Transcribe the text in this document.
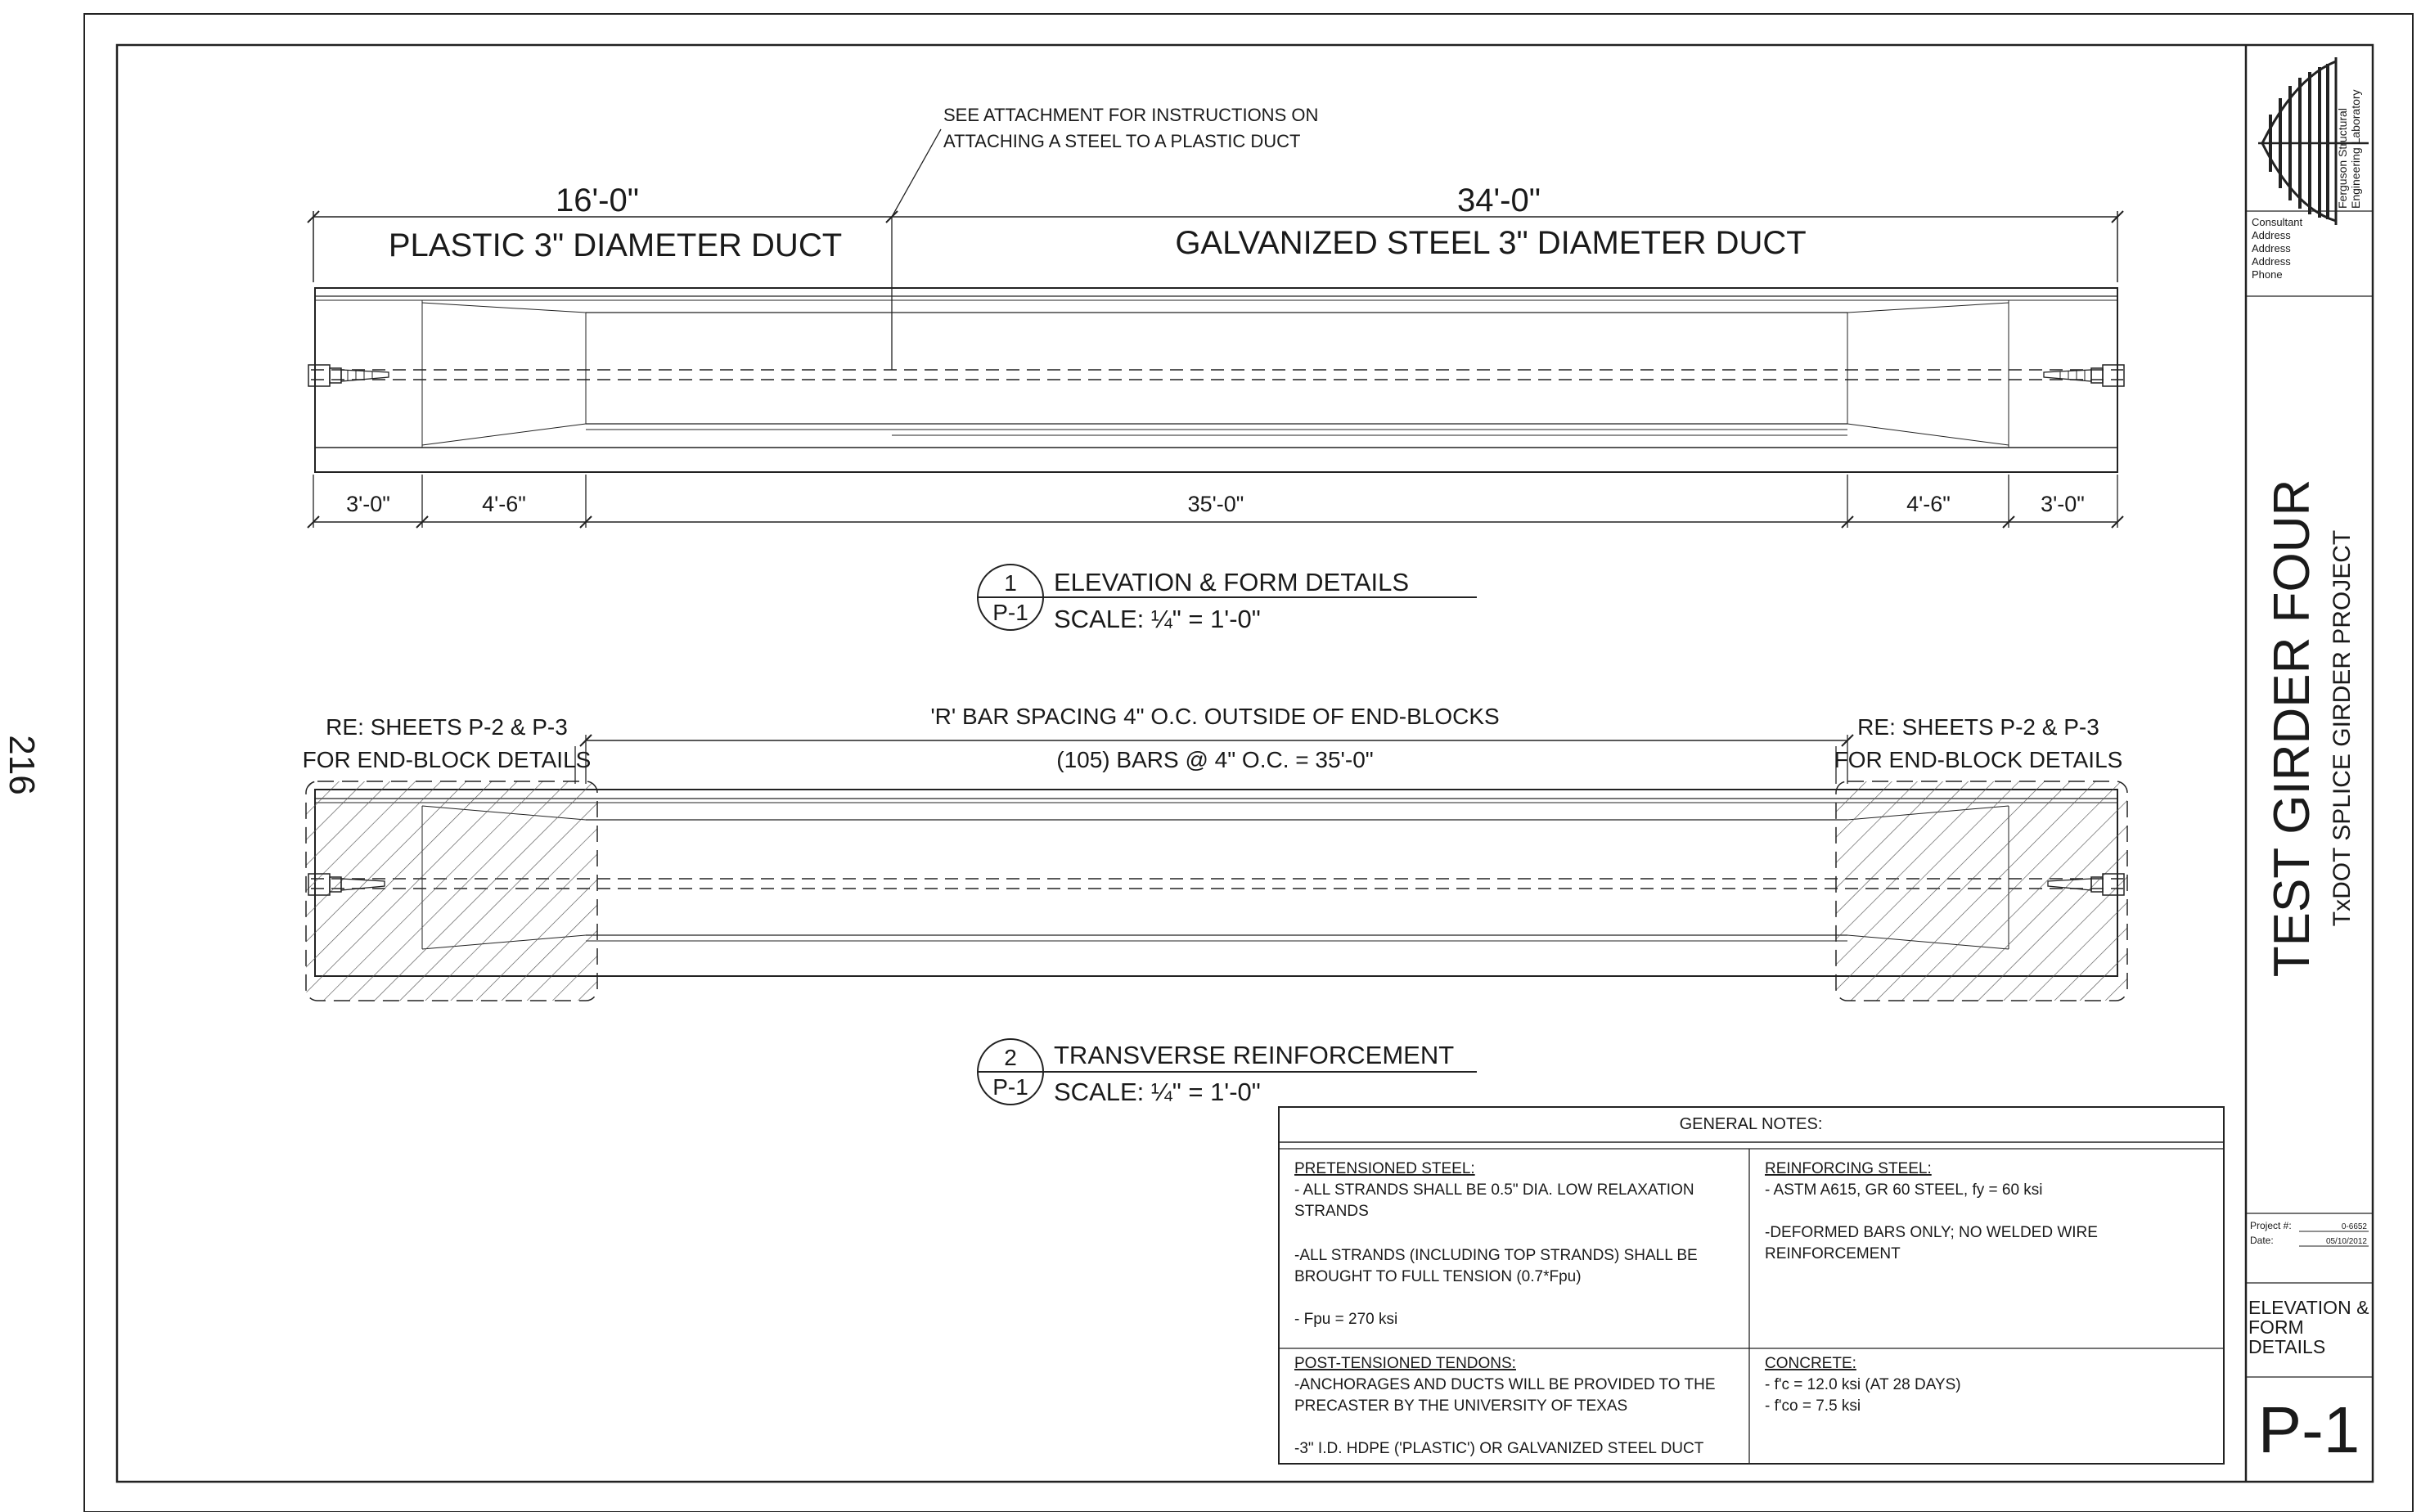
216
SEE ATTACHMENT FOR INSTRUCTIONS ON
ATTACHING A STEEL TO A PLASTIC DUCT
16'-0"
PLASTIC 3" DIAMETER DUCT
34'-0"
GALVANIZED STEEL 3" DIAMETER DUCT
3'-0"	4'-6"	35'-0"	4'-6"	3'-0"
1
P-1
ELEVATION & FORM DETAILS
SCALE: ¼" = 1'-0"
RE: SHEETS P-2 & P-3
FOR END-BLOCK DETAILS
RE: SHEETS P-2 & P-3
FOR END-BLOCK DETAILS
'R' BAR SPACING 4" O.C. OUTSIDE OF END-BLOCKS
(105) BARS @ 4" O.C. = 35'-0"
2
P-1
TRANSVERSE REINFORCEMENT
SCALE: ¼" = 1'-0"
GENERAL NOTES:
PRETENSIONED STEEL:
- ALL STRANDS SHALL BE 0.5" DIA. LOW RELAXATION
STRANDS
-ALL STRANDS (INCLUDING TOP STRANDS) SHALL BE
BROUGHT TO FULL TENSION (0.7*Fpu)
- Fpu = 270 ksi
REINFORCING STEEL:
- ASTM A615, GR 60 STEEL, fy = 60 ksi
-DEFORMED BARS ONLY; NO WELDED WIRE
REINFORCEMENT
POST-TENSIONED TENDONS:
-ANCHORAGES AND DUCTS WILL BE PROVIDED TO THE
PRECASTER BY THE UNIVERSITY OF TEXAS
-3" I.D. HDPE ('PLASTIC') OR GALVANIZED STEEL DUCT
CONCRETE:
- f'c = 12.0 ksi (AT 28 DAYS)
- f'co = 7.5 ksi
Ferguson Structural Engineering Laboratory
Consultant
Address
Address
Address
Phone
TEST GIRDER FOUR TxDOT SPLICE GIRDER PROJECT
Project #:	0-6652
Date:	05/10/2012
ELEVATION &
FORM
DETAILS
P-1
